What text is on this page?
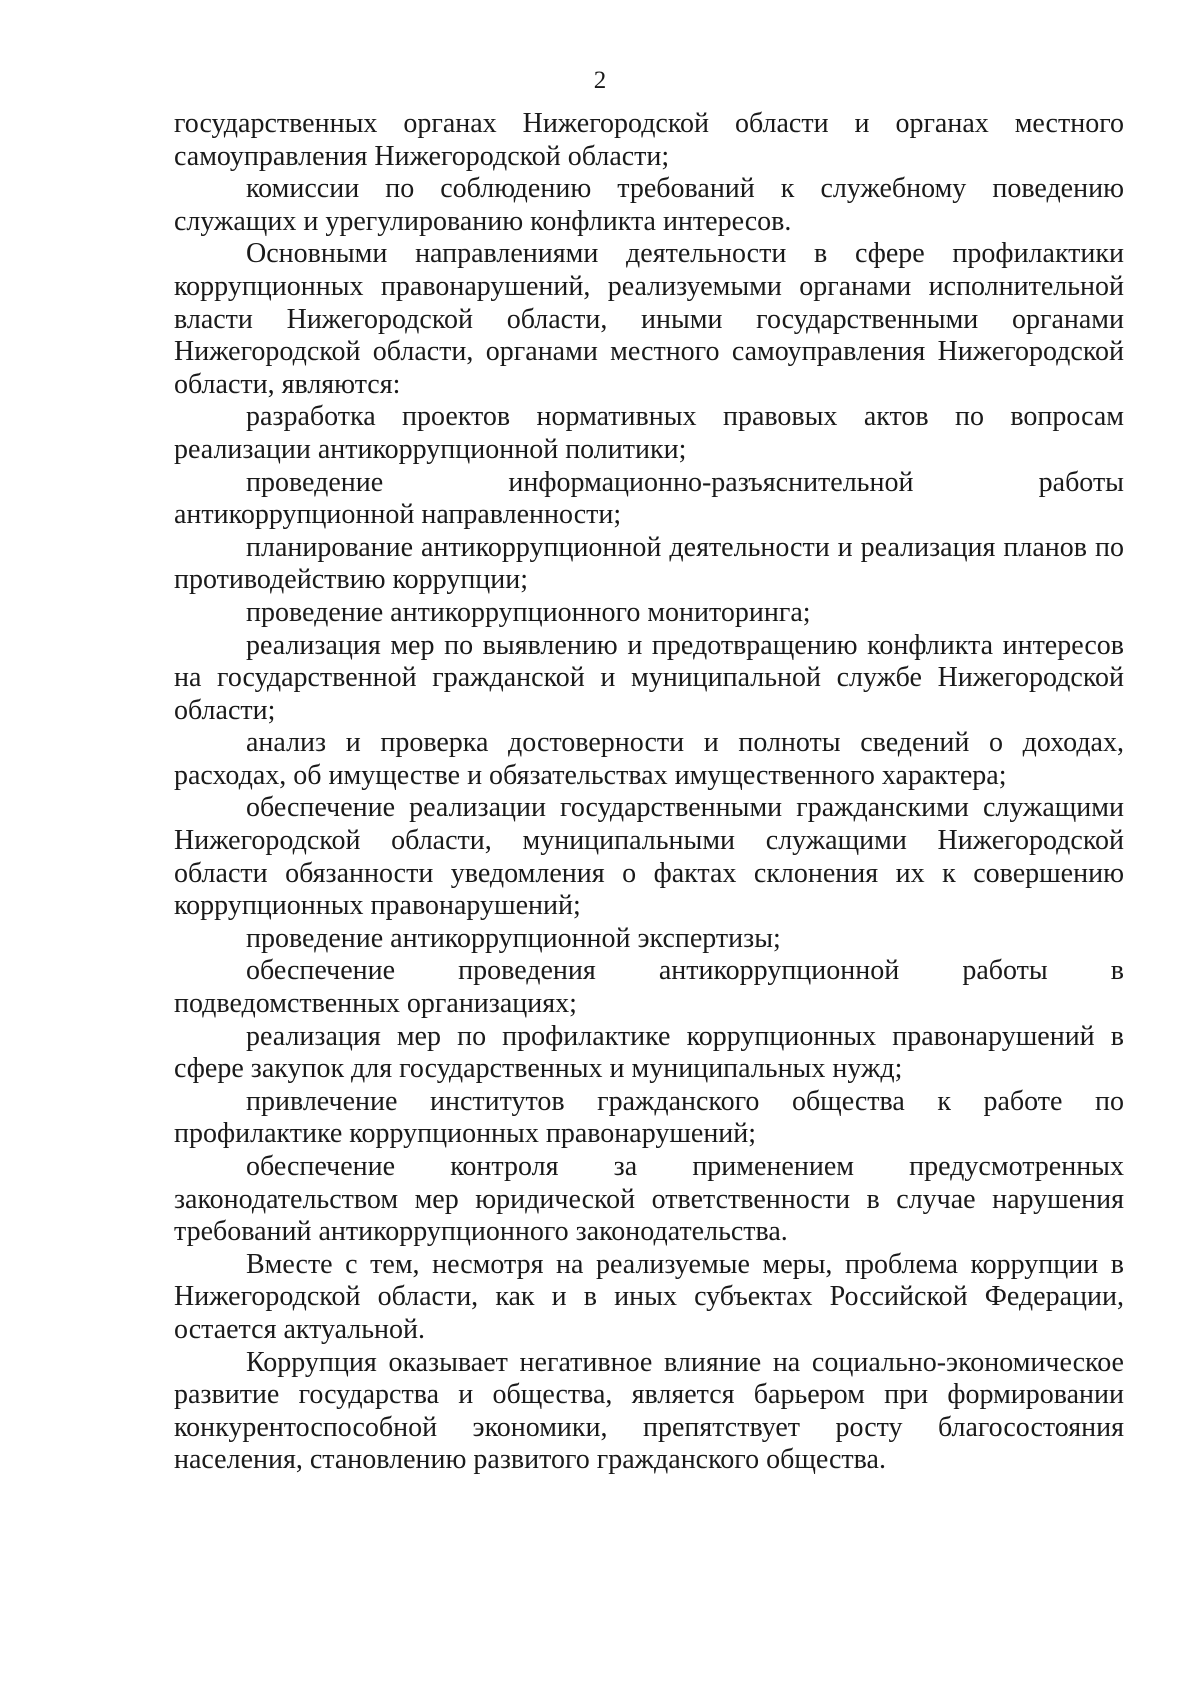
2

государственных органах Нижегородской области и органах местного самоуправления Нижегородской области;

комиссии по соблюдению требований к служебному поведению служащих и урегулированию конфликта интересов.

Основными направлениями деятельности в сфере профилактики коррупционных правонарушений, реализуемыми органами исполнительной власти Нижегородской области, иными государственными органами Нижегородской области, органами местного самоуправления Нижегородской области, являются:

разработка проектов нормативных правовых актов по вопросам реализации антикоррупционной политики;

проведение информационно-разъяснительной работы антикоррупционной направленности;

планирование антикоррупционной деятельности и реализация планов по противодействию коррупции;

проведение антикоррупционного мониторинга;

реализация мер по выявлению и предотвращению конфликта интересов на государственной гражданской и муниципальной службе Нижегородской области;

анализ и проверка достоверности и полноты сведений о доходах, расходах, об имуществе и обязательствах имущественного характера;

обеспечение реализации государственными гражданскими служащими Нижегородской области, муниципальными служащими Нижегородской области обязанности уведомления о фактах склонения их к совершению коррупционных правонарушений;

проведение антикоррупционной экспертизы;

обеспечение проведения антикоррупционной работы в подведомственных организациях;

реализация мер по профилактике коррупционных правонарушений в сфере закупок для государственных и муниципальных нужд;

привлечение институтов гражданского общества к работе по профилактике коррупционных правонарушений;

обеспечение контроля за применением предусмотренных законодательством мер юридической ответственности в случае нарушения требований антикоррупционного законодательства.

Вместе с тем, несмотря на реализуемые меры, проблема коррупции в Нижегородской области, как и в иных субъектах Российской Федерации, остается актуальной.

Коррупция оказывает негативное влияние на социально-экономическое развитие государства и общества, является барьером при формировании конкурентоспособной экономики, препятствует росту благосостояния населения, становлению развитого гражданского общества.
